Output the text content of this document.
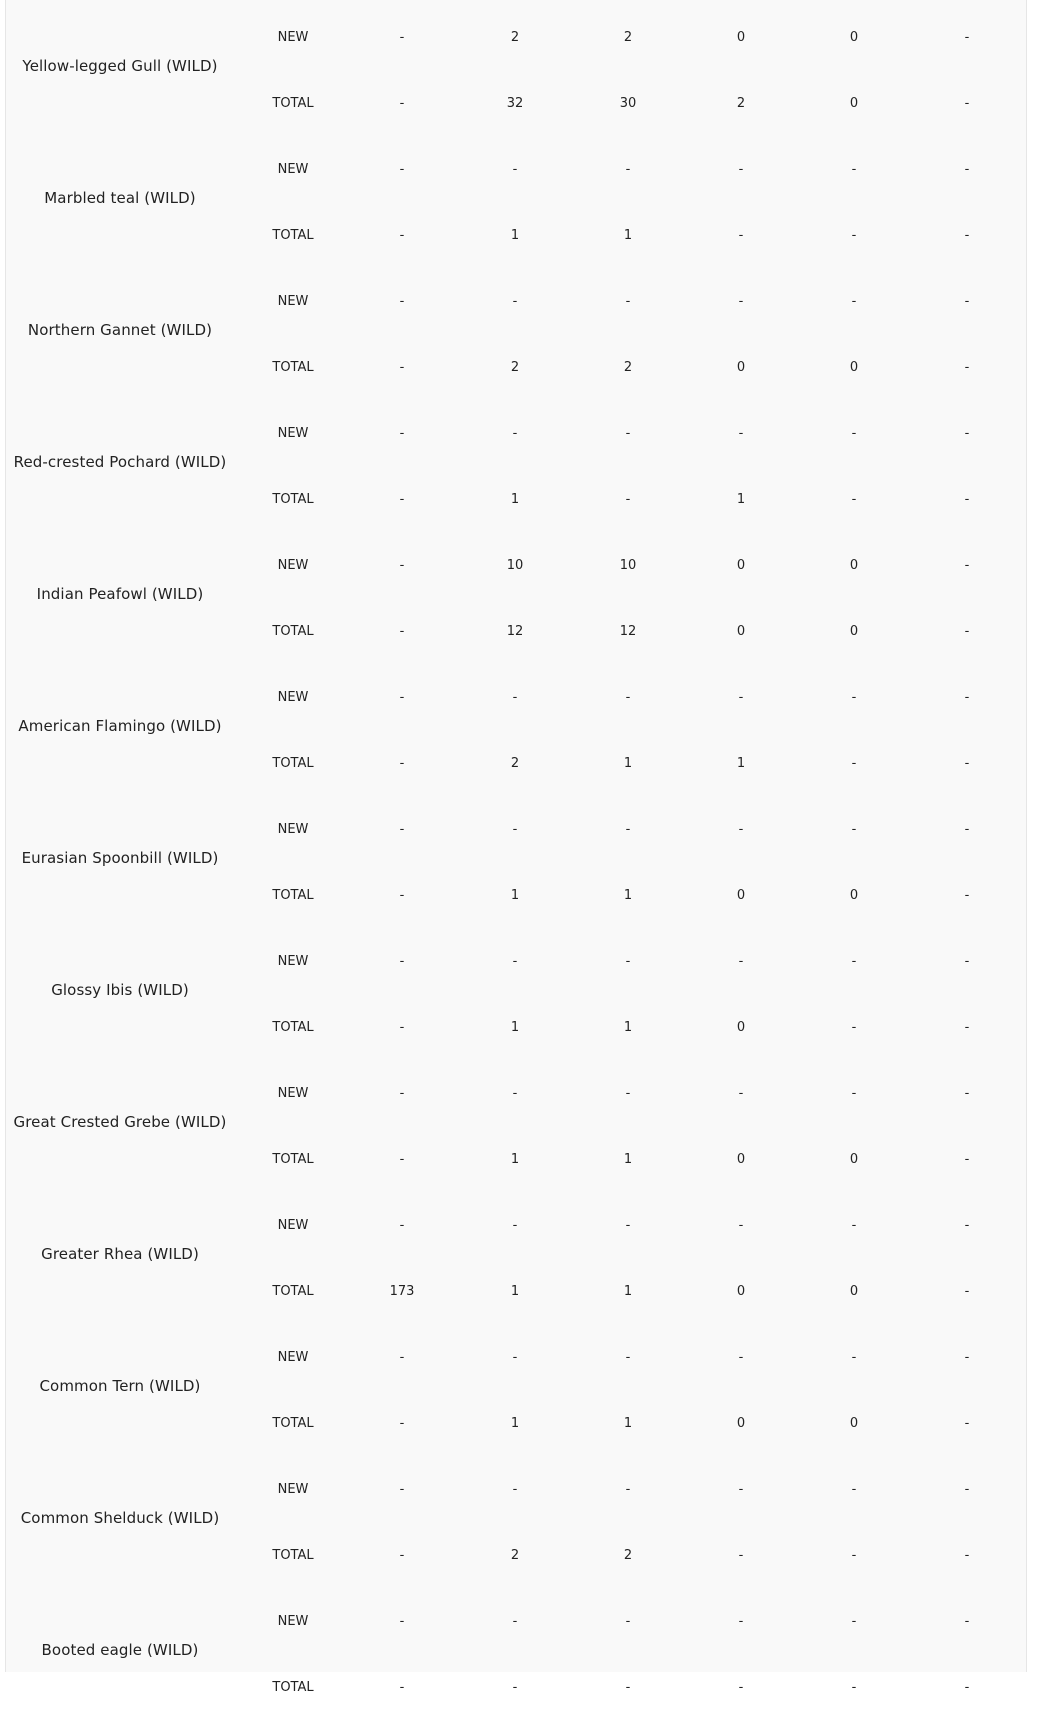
Yellow-legged Gull (WILD)
NEW	-	2	2	0	0	-
TOTAL	-	32	30	2	0	-
Marbled teal (WILD)
NEW	-	-	-	-	-	-
TOTAL	-	1	1	-	-	-
Northern Gannet (WILD)
NEW	-	-	-	-	-	-
TOTAL	-	2	2	0	0	-
Red-crested Pochard (WILD)
NEW	-	-	-	-	-	-
TOTAL	-	1	-	1	-	-
Indian Peafowl (WILD)
NEW	-	10	10	0	0	-
TOTAL	-	12	12	0	0	-
American Flamingo (WILD)
NEW	-	-	-	-	-	-
TOTAL	-	2	1	1	-	-
Eurasian Spoonbill (WILD)
NEW	-	-	-	-	-	-
TOTAL	-	1	1	0	0	-
Glossy Ibis (WILD)
NEW	-	-	-	-	-	-
TOTAL	-	1	1	0	-	-
Great Crested Grebe (WILD)
NEW	-	-	-	-	-	-
TOTAL	-	1	1	0	0	-
Greater Rhea (WILD)
NEW	-	-	-	-	-	-
TOTAL	173	1	1	0	0	-
Common Tern (WILD)
NEW	-	-	-	-	-	-
TOTAL	-	1	1	0	0	-
Common Shelduck (WILD)
NEW	-	-	-	-	-	-
TOTAL	-	2	2	-	-	-
Booted eagle (WILD)
NEW	-	-	-	-	-	-
TOTAL	-	-	-	-	-	-
